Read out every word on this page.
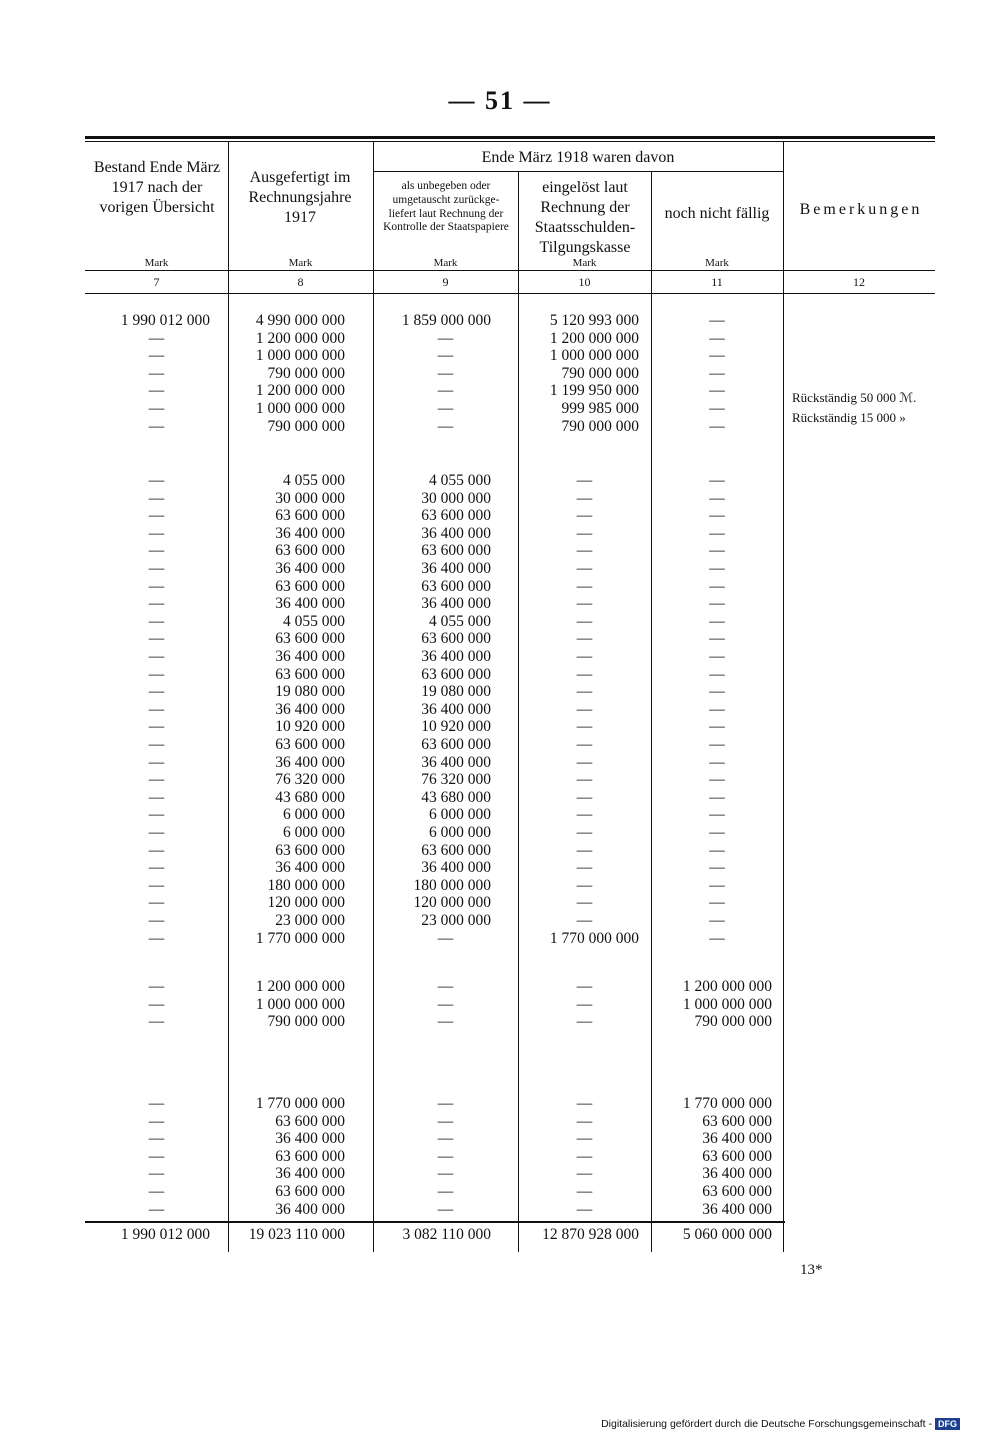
— 51 —
Bestand Ende März 1917 nach der vorigen Übersicht
Ausgefertigt im Rechnungsjahre 1917
Ende März 1918 waren davon
als unbegeben oder umgetauscht zurückge-liefert laut Rechnung der Kontrolle der Staatspapiere
eingelöst laut Rechnung der Staatsschulden-Tilgungskasse
noch nicht fällig	Bemerkungen
Mark	Mark	Mark	Mark	Mark
7	8	9	10	11	12
1 990 012 000	4 990 000 000	1 859 000 000	5 120 993 000	—
—	1 200 000 000	—	1 200 000 000	—
—	1 000 000 000	—	1 000 000 000	—
—	790 000 000	—	790 000 000	—
—	1 200 000 000	—	1 199 950 000	—
—	1 000 000 000	—	999 985 000	—
—	790 000 000	—	790 000 000	—
—	4 055 000	4 055 000	—	—
—	30 000 000	30 000 000	—	—
—	63 600 000	63 600 000	—	—
—	36 400 000	36 400 000	—	—
—	63 600 000	63 600 000	—	—
—	36 400 000	36 400 000	—	—
—	63 600 000	63 600 000	—	—
—	36 400 000	36 400 000	—	—
—	4 055 000	4 055 000	—	—
—	63 600 000	63 600 000	—	—
—	36 400 000	36 400 000	—	—
—	63 600 000	63 600 000	—	—
—	19 080 000	19 080 000	—	—
—	36 400 000	36 400 000	—	—
—	10 920 000	10 920 000	—	—
—	63 600 000	63 600 000	—	—
—	36 400 000	36 400 000	—	—
—	76 320 000	76 320 000	—	—
—	43 680 000	43 680 000	—	—
—	6 000 000	6 000 000	—	—
—	6 000 000	6 000 000	—	—
—	63 600 000	63 600 000	—	—
—	36 400 000	36 400 000	—	—
—	180 000 000	180 000 000	—	—
—	120 000 000	120 000 000	—	—
—	23 000 000	23 000 000	—	—
—	1 770 000 000	—	1 770 000 000	—
—	1 200 000 000	—	—	1 200 000 000
—	1 000 000 000	—	—	1 000 000 000
—	790 000 000	—	—	790 000 000
—	1 770 000 000	—	—	1 770 000 000
—	63 600 000	—	—	63 600 000
—	36 400 000	—	—	36 400 000
—	63 600 000	—	—	63 600 000
—	36 400 000	—	—	36 400 000
—	63 600 000	—	—	63 600 000
—	36 400 000	—	—	36 400 000
Rückständig 50 000 ℳ.
Rückständig 15 000 »
1 990 012 000	19 023 110 000	3 082 110 000	12 870 928 000	5 060 000 000
13*
Digitalisierung gefördert durch die Deutsche Forschungsgemeinschaft - DFG
